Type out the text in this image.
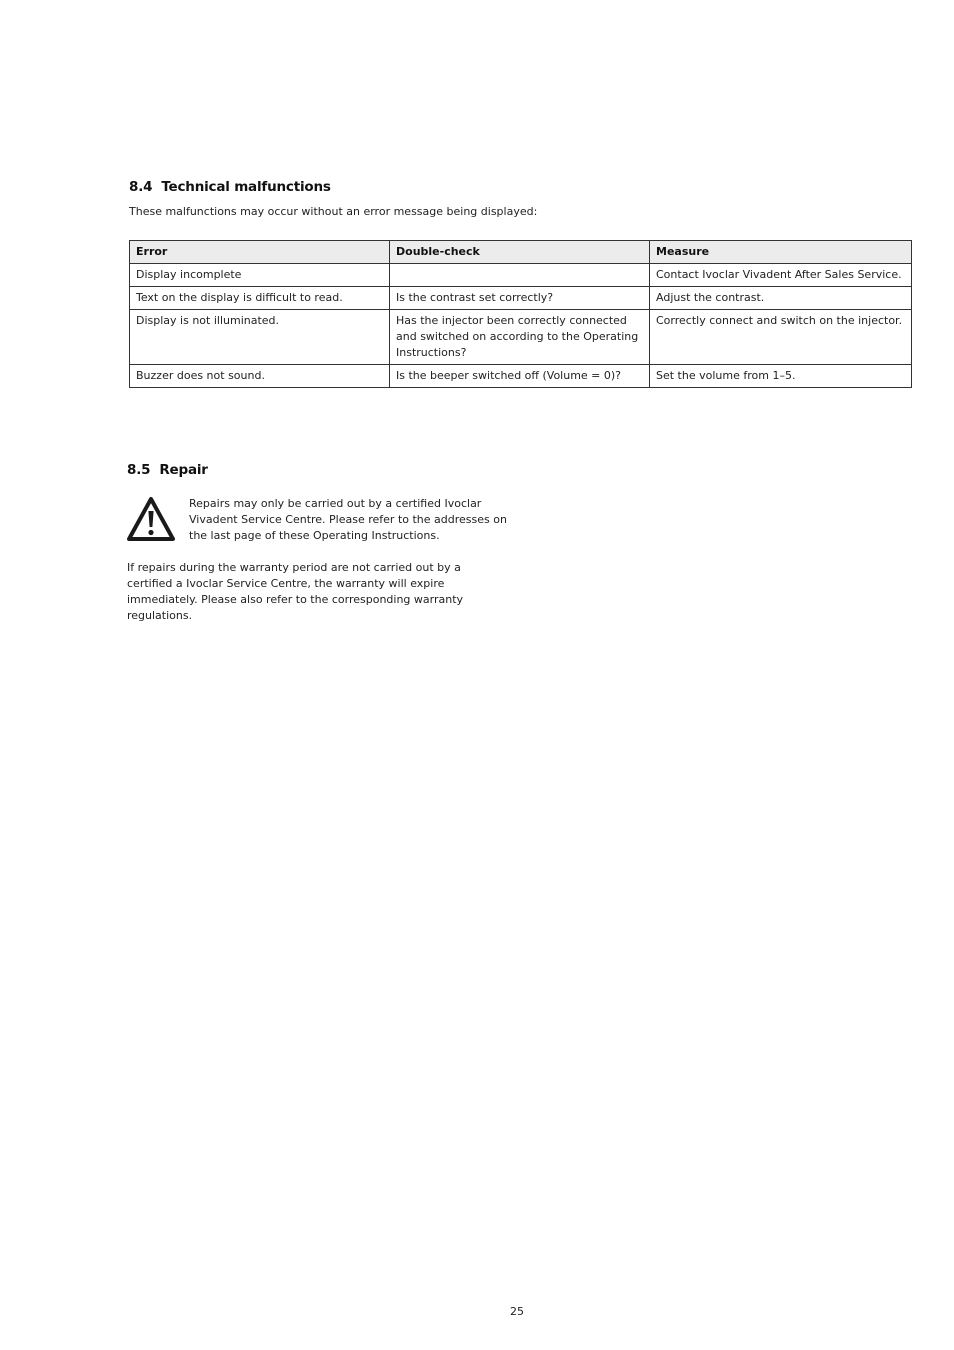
8.4 Technical malfunctions
These malfunctions may occur without an error message being displayed:
Error	Double-check	Measure
Display incomplete		Contact Ivoclar Vivadent After Sales Service.
Text on the display is difficult to read.	Is the contrast set correctly?	Adjust the contrast.
Display is not illuminated.	Has the injector been correctly connected and switched on according to the Operating Instructions?	Correctly connect and switch on the injector.
Buzzer does not sound.	Is the beeper switched off (Volume = 0)?	Set the volume from 1–5.
8.5 Repair
Repairs may only be carried out by a certified Ivoclar Vivadent Service Centre. Please refer to the addresses on the last page of these Operating Instructions.
If repairs during the warranty period are not carried out by a certified a Ivoclar Service Centre, the warranty will expire immediately. Please also refer to the corresponding warranty regulations.
25
